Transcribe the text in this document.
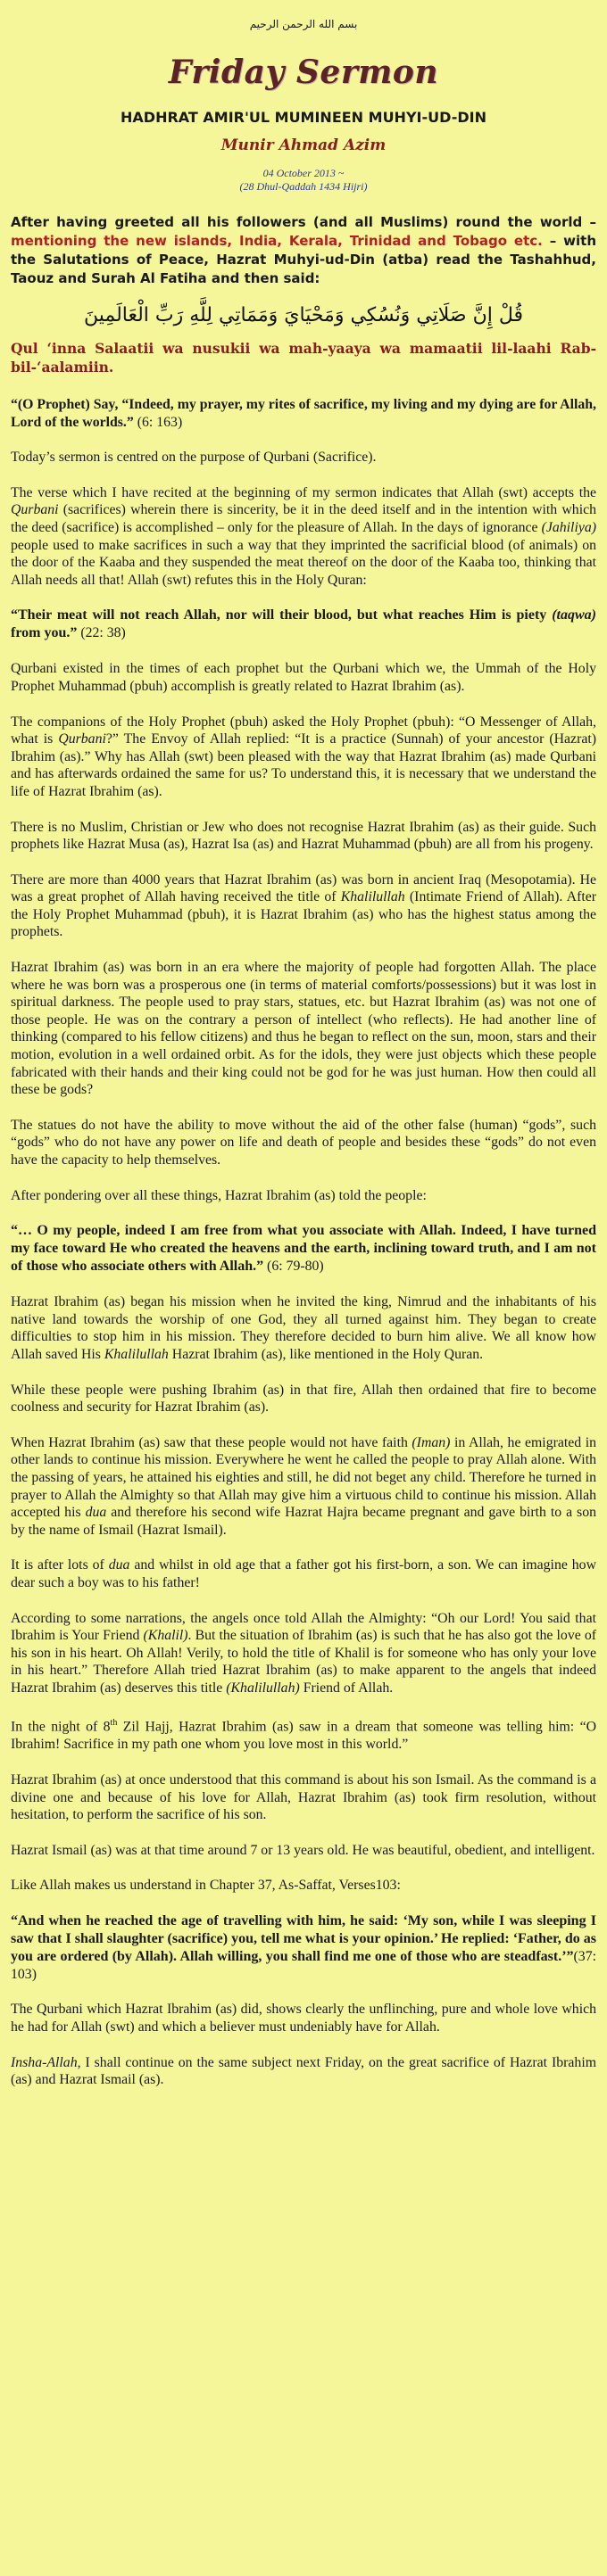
بسم الله الرحمن الرحيم
Friday Sermon
HADHRAT AMIR'UL MUMINEEN MUHYI-UD-DIN
Munir Ahmad Azim
04 October 2013 ~
(28 Dhul-Qaddah 1434 Hijri)

After having greeted all his followers (and all Muslims) round the world – mentioning the new islands, India, Kerala, Trinidad and Tobago etc. – with the Salutations of Peace, Hazrat Muhyi-ud-Din (atba) read the Tashahhud, Taouz and Surah Al Fatiha and then said:

قُلْ إِنَّ صَلَاتِي وَنُسُكِي وَمَحْيَايَ وَمَمَاتِي لِلَّهِ رَبِّ الْعَالَمِينَ

Qul ‘inna Salaatii wa nusukii wa mah-yaaya wa mamaatii lil-laahi Rab-bil-‘aalamiin.

“(O Prophet) Say, “Indeed, my prayer, my rites of sacrifice, my living and my dying are for Allah, Lord of the worlds.” (6: 163)

Today’s sermon is centred on the purpose of Qurbani (Sacrifice).

The verse which I have recited at the beginning of my sermon indicates that Allah (swt) accepts the Qurbani (sacrifices) wherein there is sincerity, be it in the deed itself and in the intention with which the deed (sacrifice) is accomplished – only for the pleasure of Allah. In the days of ignorance (Jahiliya) people used to make sacrifices in such a way that they imprinted the sacrificial blood (of animals) on the door of the Kaaba and they suspended the meat thereof on the door of the Kaaba too, thinking that Allah needs all that! Allah (swt) refutes this in the Holy Quran:

“Their meat will not reach Allah, nor will their blood, but what reaches Him is piety (taqwa) from you.” (22: 38)

Qurbani existed in the times of each prophet but the Qurbani which we, the Ummah of the Holy Prophet Muhammad (pbuh) accomplish is greatly related to Hazrat Ibrahim (as).

The companions of the Holy Prophet (pbuh) asked the Holy Prophet (pbuh): “O Messenger of Allah, what is Qurbani?” The Envoy of Allah replied: “It is a practice (Sunnah) of your ancestor (Hazrat) Ibrahim (as).” Why has Allah (swt) been pleased with the way that Hazrat Ibrahim (as) made Qurbani and has afterwards ordained the same for us? To understand this, it is necessary that we understand the life of Hazrat Ibrahim (as).

There is no Muslim, Christian or Jew who does not recognise Hazrat Ibrahim (as) as their guide. Such prophets like Hazrat Musa (as), Hazrat Isa (as) and Hazrat Muhammad (pbuh) are all from his progeny.

There are more than 4000 years that Hazrat Ibrahim (as) was born in ancient Iraq (Mesopotamia). He was a great prophet of Allah having received the title of Khalilullah (Intimate Friend of Allah). After the Holy Prophet Muhammad (pbuh), it is Hazrat Ibrahim (as) who has the highest status among the prophets.

Hazrat Ibrahim (as) was born in an era where the majority of people had forgotten Allah. The place where he was born was a prosperous one (in terms of material comforts/possessions) but it was lost in spiritual darkness. The people used to pray stars, statues, etc. but Hazrat Ibrahim (as) was not one of those people. He was on the contrary a person of intellect (who reflects). He had another line of thinking (compared to his fellow citizens) and thus he began to reflect on the sun, moon, stars and their motion, evolution in a well ordained orbit. As for the idols, they were just objects which these people fabricated with their hands and their king could not be god for he was just human. How then could all these be gods?

The statues do not have the ability to move without the aid of the other false (human) “gods”, such “gods” who do not have any power on life and death of people and besides these “gods” do not even have the capacity to help themselves.

After pondering over all these things, Hazrat Ibrahim (as) told the people:

“… O my people, indeed I am free from what you associate with Allah. Indeed, I have turned my face toward He who created the heavens and the earth, inclining toward truth, and I am not of those who associate others with Allah.” (6: 79-80)

Hazrat Ibrahim (as) began his mission when he invited the king, Nimrud and the inhabitants of his native land towards the worship of one God, they all turned against him. They began to create difficulties to stop him in his mission. They therefore decided to burn him alive. We all know how Allah saved His Khalilullah Hazrat Ibrahim (as), like mentioned in the Holy Quran.

While these people were pushing Ibrahim (as) in that fire, Allah then ordained that fire to become coolness and security for Hazrat Ibrahim (as).

When Hazrat Ibrahim (as) saw that these people would not have faith (Iman) in Allah, he emigrated in other lands to continue his mission. Everywhere he went he called the people to pray Allah alone. With the passing of years, he attained his eighties and still, he did not beget any child. Therefore he turned in prayer to Allah the Almighty so that Allah may give him a virtuous child to continue his mission. Allah accepted his dua and therefore his second wife Hazrat Hajra became pregnant and gave birth to a son by the name of Ismail (Hazrat Ismail).

It is after lots of dua and whilst in old age that a father got his first-born, a son. We can imagine how dear such a boy was to his father!

According to some narrations, the angels once told Allah the Almighty: “Oh our Lord! You said that Ibrahim is Your Friend (Khalil). But the situation of Ibrahim (as) is such that he has also got the love of his son in his heart. Oh Allah! Verily, to hold the title of Khalil is for someone who has only your love in his heart.” Therefore Allah tried Hazrat Ibrahim (as) to make apparent to the angels that indeed Hazrat Ibrahim (as) deserves this title (Khalilullah) Friend of Allah.

In the night of 8th Zil Hajj, Hazrat Ibrahim (as) saw in a dream that someone was telling him: “O Ibrahim! Sacrifice in my path one whom you love most in this world.”

Hazrat Ibrahim (as) at once understood that this command is about his son Ismail. As the command is a divine one and because of his love for Allah, Hazrat Ibrahim (as) took firm resolution, without hesitation, to perform the sacrifice of his son.

Hazrat Ismail (as) was at that time around 7 or 13 years old. He was beautiful, obedient, and intelligent.

Like Allah makes us understand in Chapter 37, As-Saffat, Verses103:

“And when he reached the age of travelling with him, he said: ‘My son, while I was sleeping I saw that I shall slaughter (sacrifice) you, tell me what is your opinion.’ He replied: ‘Father, do as you are ordered (by Allah). Allah willing, you shall find me one of those who are steadfast.’”(37: 103)

The Qurbani which Hazrat Ibrahim (as) did, shows clearly the unflinching, pure and whole love which he had for Allah (swt) and which a believer must undeniably have for Allah.

Insha-Allah, I shall continue on the same subject next Friday, on the great sacrifice of Hazrat Ibrahim (as) and Hazrat Ismail (as).
